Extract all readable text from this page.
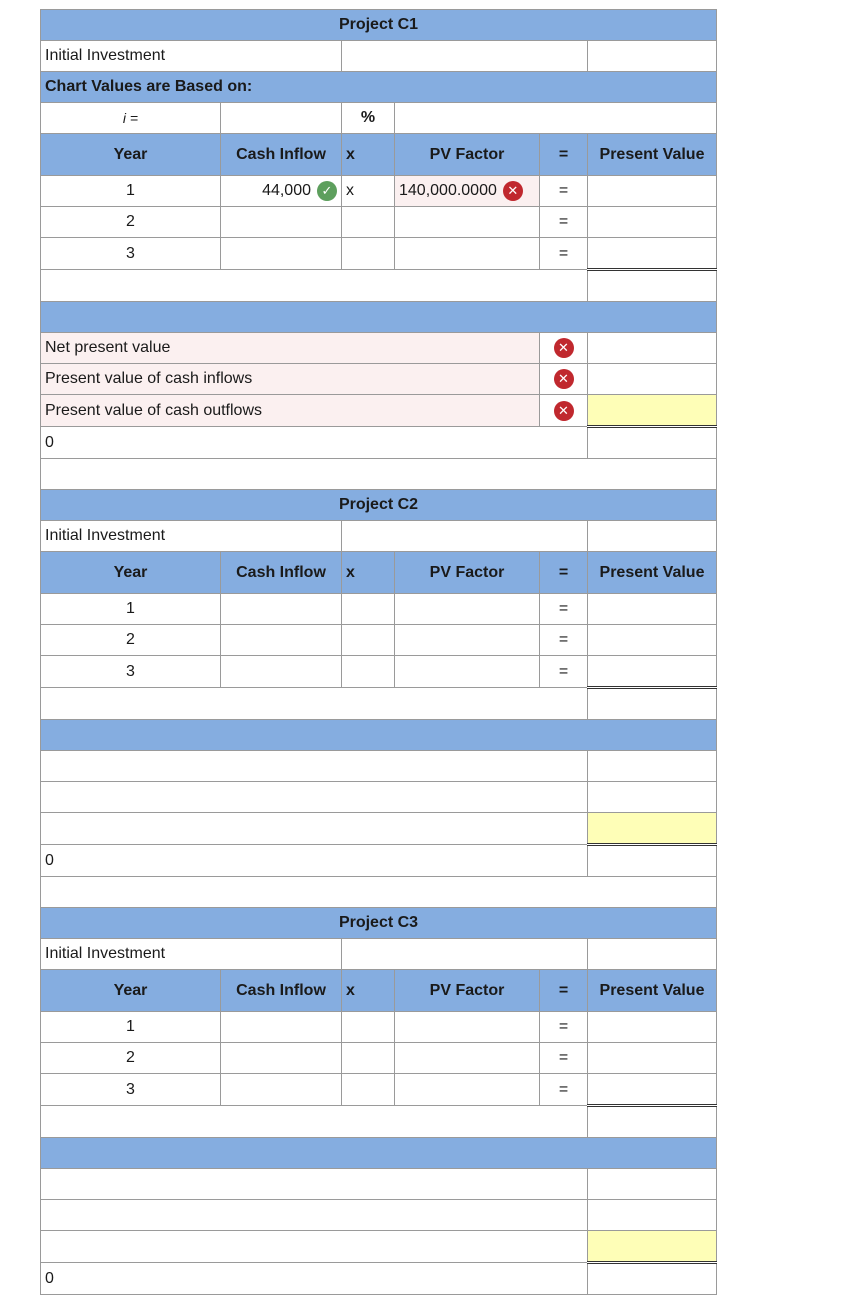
Project C1					
Initial Investment					
Chart Values are Based on:					
i =		%			
Year	Cash Inflow	x	PV Factor	=	Present Value
1	44,000 ✓	x	140,000.0000 ✕	=	
2				=	
3				=	

Net present value				✕	
Present value of cash inflows				✕	
Present value of cash outflows				✕	
0					

Project C2					
Initial Investment					
Year	Cash Inflow	x	PV Factor	=	Present Value
1				=	
2				=	
3				=	

0					

Project C3					
Initial Investment					
Year	Cash Inflow	x	PV Factor	=	Present Value
1				=	
2				=	
3				=	

0					
